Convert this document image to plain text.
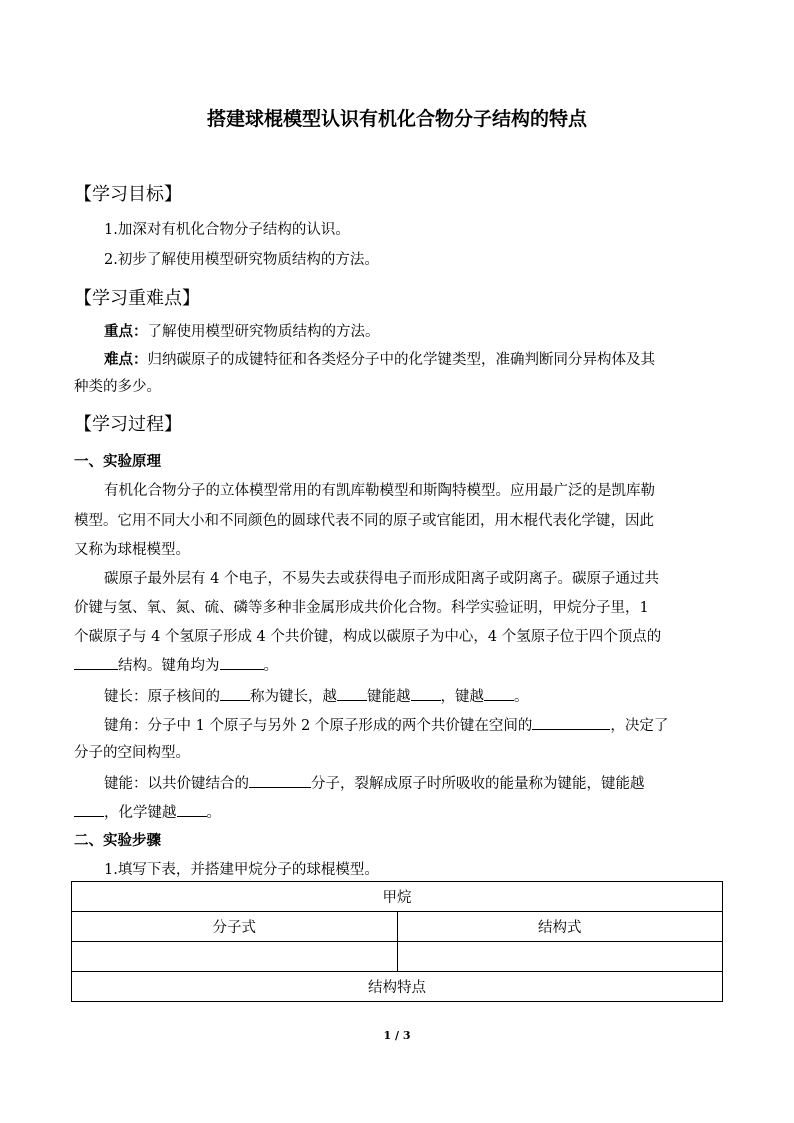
搭建球棍模型认识有机化合物分子结构的特点
【学习目标】
1.加深对有机化合物分子结构的认识。
2.初步了解使用模型研究物质结构的方法。
【学习重难点】
重点：了解使用模型研究物质结构的方法。
难点：归纳碳原子的成键特征和各类烃分子中的化学键类型，准确判断同分异构体及其
种类的多少。
【学习过程】
一、实验原理
有机化合物分子的立体模型常用的有凯库勒模型和斯陶特模型。应用最广泛的是凯库勒
模型。它用不同大小和不同颜色的圆球代表不同的原子或官能团，用木棍代表化学键，因此
又称为球棍模型。
碳原子最外层有 4 个电子，不易失去或获得电子而形成阳离子或阴离子。碳原子通过共
价键与氢、氧、氮、硫、磷等多种非金属形成共价化合物。科学实验证明，甲烷分子里，1
个碳原子与 4 个氢原子形成 4 个共价键，构成以碳原子为中心，4 个氢原子位于四个顶点的
结构。键角均为	。
键长：原子核间的 称为键长，越 键能越 ，键越 。
键角：分子中 1 个原子与另外 2 个原子形成的两个共价键在空间的	，决定了
分子的空间构型。
键能：以共价键结合的	分子，裂解成原子时所吸收的能量称为键能，键能越
，化学键越 。
二、实验步骤
1.填写下表，并搭建甲烷分子的球棍模型。
甲烷	
分子式	结构式

结构特点	
1 / 3
